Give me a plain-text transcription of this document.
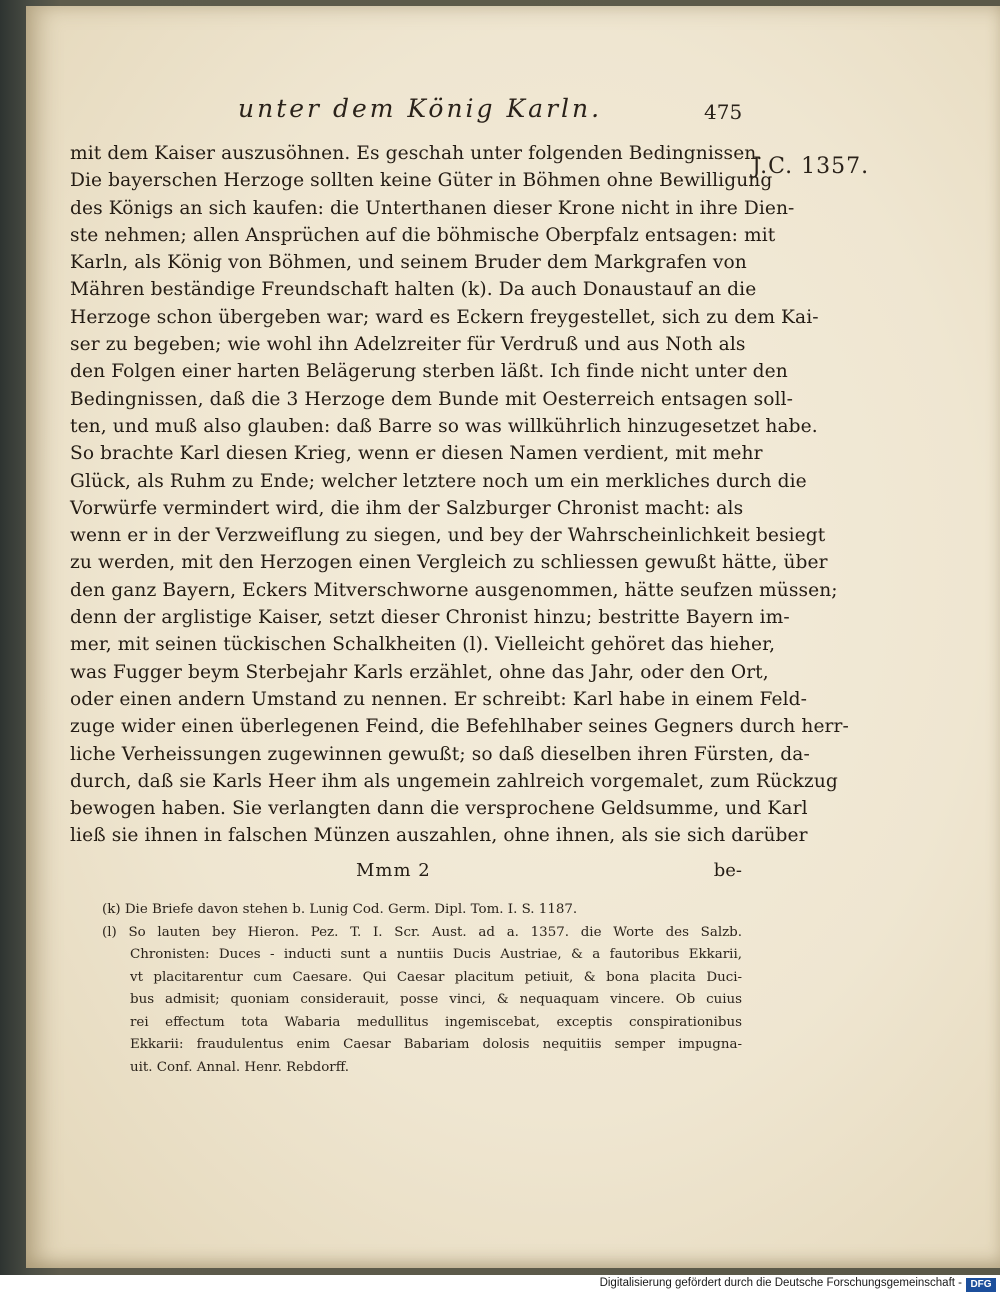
unter dem König Karln.	475
J.C. 1357.
mit dem Kaiser auszusöhnen. Es geschah unter folgenden Bedingnissen.
Die bayerschen Herzoge sollten keine Güter in Böhmen ohne Bewilligung
des Königs an sich kaufen: die Unterthanen dieser Krone nicht in ihre Dien-
ste nehmen; allen Ansprüchen auf die böhmische Oberpfalz entsagen: mit
Karln, als König von Böhmen, und seinem Bruder dem Markgrafen von
Mähren beständige Freundschaft halten (k). Da auch Donaustauf an die
Herzoge schon übergeben war; ward es Eckern freygestellet, sich zu dem Kai-
ser zu begeben; wie wohl ihn Adelzreiter für Verdruß und aus Noth als
den Folgen einer harten Belägerung sterben läßt. Ich finde nicht unter den
Bedingnissen, daß die 3 Herzoge dem Bunde mit Oesterreich entsagen soll-
ten, und muß also glauben: daß Barre so was willkührlich hinzugesetzet habe.
So brachte Karl diesen Krieg, wenn er diesen Namen verdient, mit mehr
Glück, als Ruhm zu Ende; welcher letztere noch um ein merkliches durch die
Vorwürfe vermindert wird, die ihm der Salzburger Chronist macht: als
wenn er in der Verzweiflung zu siegen, und bey der Wahrscheinlichkeit besiegt
zu werden, mit den Herzogen einen Vergleich zu schliessen gewußt hätte, über
den ganz Bayern, Eckers Mitverschworne ausgenommen, hätte seufzen müssen;
denn der arglistige Kaiser, setzt dieser Chronist hinzu; bestritte Bayern im-
mer, mit seinen tückischen Schalkheiten (l). Vielleicht gehöret das hieher,
was Fugger beym Sterbejahr Karls erzählet, ohne das Jahr, oder den Ort,
oder einen andern Umstand zu nennen. Er schreibt: Karl habe in einem Feld-
zuge wider einen überlegenen Feind, die Befehlhaber seines Gegners durch herr-
liche Verheissungen zugewinnen gewußt; so daß dieselben ihren Fürsten, da-
durch, daß sie Karls Heer ihm als ungemein zahlreich vorgemalet, zum Rückzug
bewogen haben. Sie verlangten dann die versprochene Geldsumme, und Karl
ließ sie ihnen in falschen Münzen auszahlen, ohne ihnen, als sie sich darüber
Mmm 2	be-
(k) Die Briefe davon stehen b. Lunig Cod. Germ. Dipl. Tom. I. S. 1187.
(l) So lauten bey Hieron. Pez. T. I. Scr. Aust. ad a. 1357. die Worte des Salzb.
Chronisten: Duces - inducti sunt a nuntiis Ducis Austriae, & a fautoribus Ekkarii,
vt placitarentur cum Caesare. Qui Caesar placitum petiuit, & bona placita Duci-
bus admisit; quoniam considerauit, posse vinci, & nequaquam vincere. Ob cuius
rei effectum tota Wabaria medullitus ingemiscebat, exceptis conspirationibus
Ekkarii: fraudulentus enim Caesar Babariam dolosis nequitiis semper impugna-
uit. Conf. Annal. Henr. Rebdorff.
Digitalisierung gefördert durch die Deutsche Forschungsgemeinschaft - DFG
